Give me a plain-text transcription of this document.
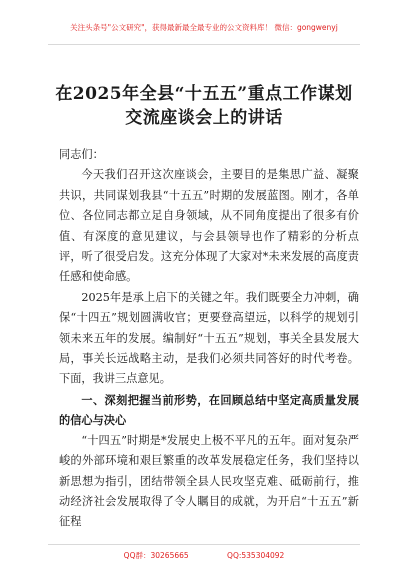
关注头条号"公文研究"，获得最新最全最专业的公文资料库！ 微信：gongwenyj
在2025年全县“十五五”重点工作谋划
交流座谈会上的讲话
同志们：
今天我们召开这次座谈会，主要目的是集思广益、凝聚共识，共同谋划我县“十五五”时期的发展蓝图。刚才，各单位、各位同志都立足自身领域，从不同角度提出了很多有价值、有深度的意见建议，与会县领导也作了精彩的分析点评，听了很受启发。这充分体现了大家对*未来发展的高度责任感和使命感。
2025年是承上启下的关键之年。我们既要全力冲刺，确保“十四五”规划圆满收官；更要登高望远，以科学的规划引领未来五年的发展。编制好“十五五”规划，事关全县发展大局，事关长远战略主动，是我们必须共同答好的时代考卷。下面，我讲三点意见。
一、深刻把握当前形势，在回顾总结中坚定高质量发展的信心与决心
“十四五”时期是*发展史上极不平凡的五年。面对复杂严峻的外部环境和艰巨繁重的改革发展稳定任务，我们坚持以新思想为指引，团结带领全县人民攻坚克难、砥砺前行，推动经济社会发展取得了令人瞩目的成就，为开启“十五五”新征程
QQ群：30265665	QQ:535304092
